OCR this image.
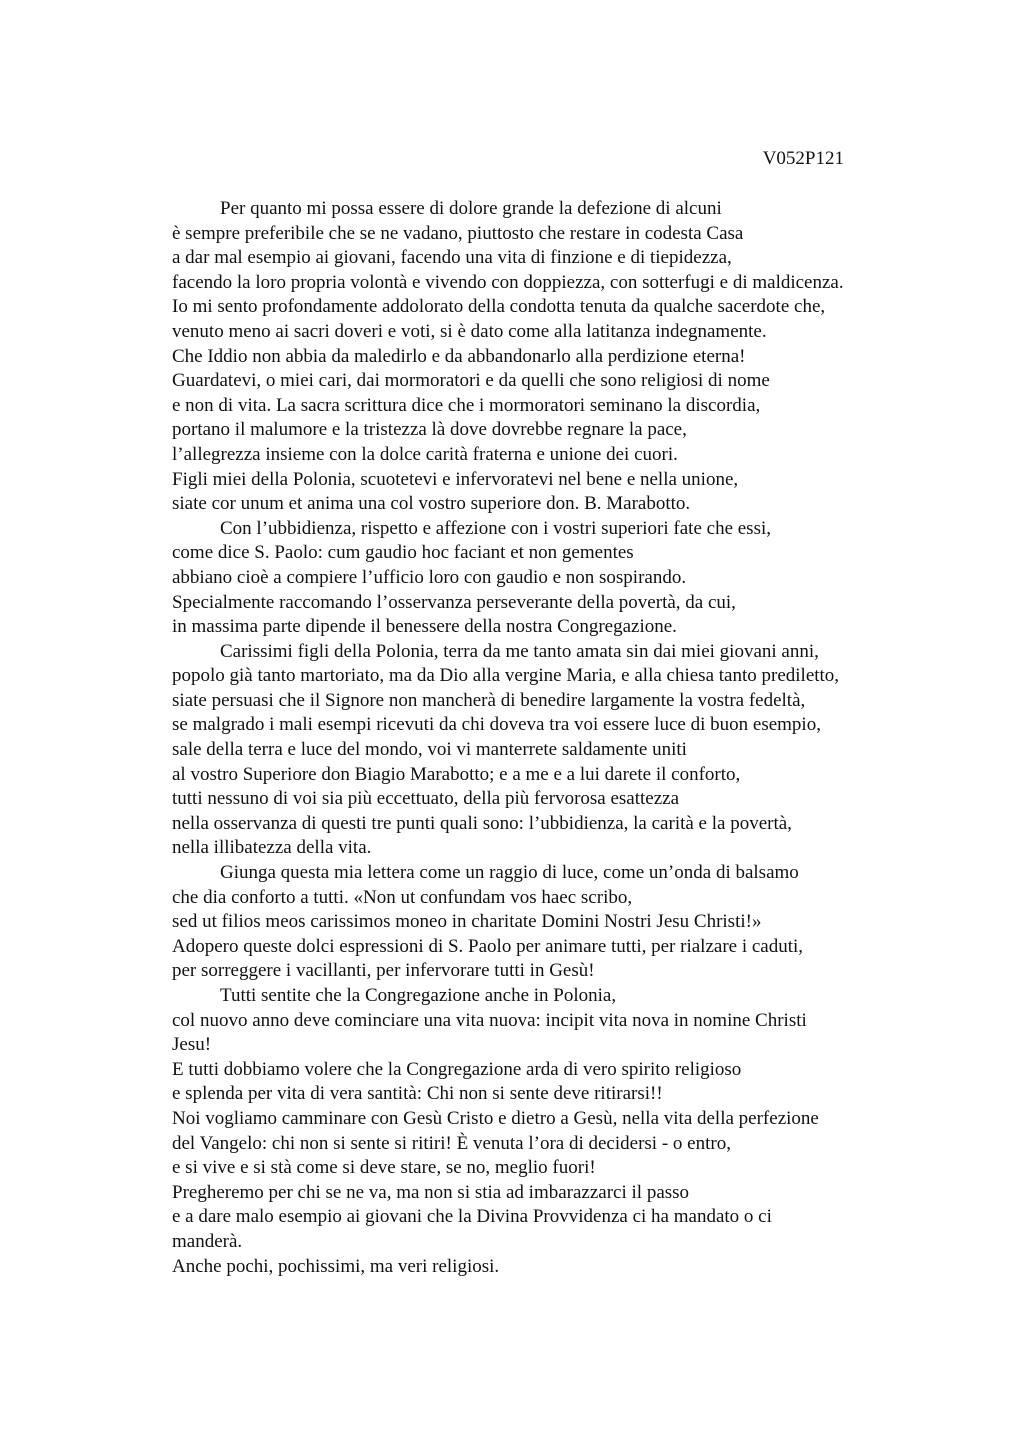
V052P121
Per quanto mi possa essere di dolore grande la defezione di alcuni
è sempre preferibile che se ne vadano, piuttosto che restare in codesta Casa
a dar mal esempio ai giovani, facendo una vita di finzione e di tiepidezza,
facendo la loro propria volontà e vivendo con doppiezza, con sotterfugi e di maldicenza.
Io mi sento profondamente addolorato della condotta tenuta da qualche sacerdote che,
venuto meno ai sacri doveri e voti, si è dato come alla latitanza indegnamente.
Che Iddio non abbia da maledirlo e da abbandonarlo alla perdizione eterna!
Guardatevi, o miei cari, dai mormoratori e da quelli che sono religiosi di nome
e non di vita. La sacra scrittura dice che i mormoratori seminano la discordia,
portano il malumore e la tristezza là dove dovrebbe regnare la pace,
l’allegrezza insieme con la dolce carità fraterna e unione dei cuori.
Figli miei della Polonia, scuotetevi e infervoratevi nel bene e nella unione,
siate cor unum et anima una col vostro superiore don. B. Marabotto.
Con l’ubbidienza, rispetto e affezione con i vostri superiori fate che essi,
come dice S. Paolo: cum gaudio hoc faciant et non gementes
abbiano cioè a compiere l’ufficio loro con gaudio e non sospirando.
Specialmente raccomando l’osservanza perseverante della povertà, da cui,
in massima parte dipende il benessere della nostra Congregazione.
Carissimi figli della Polonia, terra da me tanto amata sin dai miei giovani anni,
popolo già tanto martoriato, ma da Dio alla vergine Maria, e alla chiesa tanto prediletto,
siate persuasi che il Signore non mancherà di benedire largamente la vostra fedeltà,
se malgrado i mali esempi ricevuti da chi doveva tra voi essere luce di buon esempio,
sale della terra e luce del mondo, voi vi manterrete saldamente uniti
al vostro Superiore don Biagio Marabotto; e a me e a lui darete il conforto,
tutti nessuno di voi sia più eccettuato, della più fervorosa esattezza
nella osservanza di questi tre punti quali sono: l’ubbidienza, la carità e la povertà,
nella illibatezza della vita.
Giunga questa mia lettera come un raggio di luce, come un’onda di balsamo
che dia conforto a tutti. «Non ut confundam vos haec scribo,
sed ut filios meos carissimos moneo in charitate Domini Nostri Jesu Christi!»
Adopero queste dolci espressioni di S. Paolo per animare tutti, per rialzare i caduti,
per sorreggere i vacillanti, per infervorare tutti in Gesù!
Tutti sentite che la Congregazione anche in Polonia,
col nuovo anno deve cominciare una vita nuova: incipit vita nova in nomine Christi
Jesu!
E tutti dobbiamo volere che la Congregazione arda di vero spirito religioso
e splenda per vita di vera santità: Chi non si sente deve ritirarsi!!
Noi vogliamo camminare con Gesù Cristo e dietro a Gesù, nella vita della perfezione
del Vangelo: chi non si sente si ritiri! È venuta l’ora di decidersi - o entro,
e si vive e si stà come si deve stare, se no, meglio fuori!
Pregheremo per chi se ne va, ma non si stia ad imbarazzarci il passo
e a dare malo esempio ai giovani che la Divina Provvidenza ci ha mandato o ci
manderà.
Anche pochi, pochissimi, ma veri religiosi.
